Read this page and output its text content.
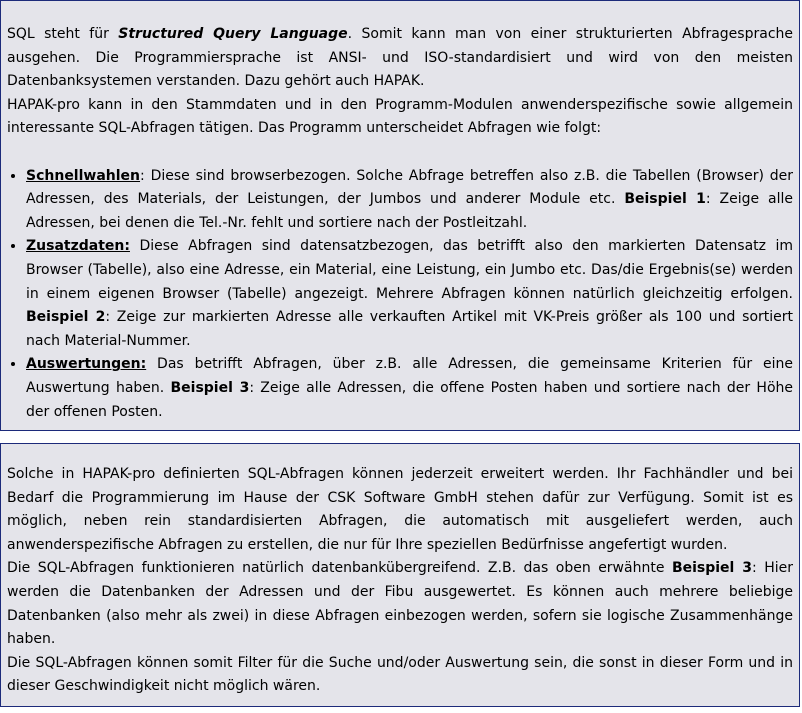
SQL steht für Structured Query Language. Somit kann man von einer strukturierten Abfragesprache ausgehen. Die Programmiersprache ist ANSI- und ISO-standardisiert und wird von den meisten Datenbanksystemen verstanden. Dazu gehört auch HAPAK.

HAPAK-pro kann in den Stammdaten und in den Programm-Modulen anwenderspezifische sowie allgemein interessante SQL-Abfragen tätigen. Das Programm unterscheidet Abfragen wie folgt:

• Schnellwahlen: Diese sind browserbezogen. Solche Abfrage betreffen also z.B. die Tabellen (Browser) der Adressen, des Materials, der Leistungen, der Jumbos und anderer Module etc. Beispiel 1: Zeige alle Adressen, bei denen die Tel.-Nr. fehlt und sortiere nach der Postleitzahl.
• Zusatzdaten: Diese Abfragen sind datensatzbezogen, das betrifft also den markierten Datensatz im Browser (Tabelle), also eine Adresse, ein Material, eine Leistung, ein Jumbo etc. Das/die Ergebnis(se) werden in einem eigenen Browser (Tabelle) angezeigt. Mehrere Abfragen können natürlich gleichzeitig erfolgen. Beispiel 2: Zeige zur markierten Adresse alle verkauften Artikel mit VK-Preis größer als 100 und sortiert nach Material-Nummer.
• Auswertungen: Das betrifft Abfragen, über z.B. alle Adressen, die gemeinsame Kriterien für eine Auswertung haben. Beispiel 3: Zeige alle Adressen, die offene Posten haben und sortiere nach der Höhe der offenen Posten.

Solche in HAPAK-pro definierten SQL-Abfragen können jederzeit erweitert werden. Ihr Fachhändler und bei Bedarf die Programmierung im Hause der CSK Software GmbH stehen dafür zur Verfügung. Somit ist es möglich, neben rein standardisierten Abfragen, die automatisch mit ausgeliefert werden, auch anwenderspezifische Abfragen zu erstellen, die nur für Ihre speziellen Bedürfnisse angefertigt wurden.

Die SQL-Abfragen funktionieren natürlich datenbankübergreifend. Z.B. das oben erwähnte Beispiel 3: Hier werden die Datenbanken der Adressen und der Fibu ausgewertet. Es können auch mehrere beliebige Datenbanken (also mehr als zwei) in diese Abfragen einbezogen werden, sofern sie logische Zusammenhänge haben.

Die SQL-Abfragen können somit Filter für die Suche und/oder Auswertung sein, die sonst in dieser Form und in dieser Geschwindigkeit nicht möglich wären.
